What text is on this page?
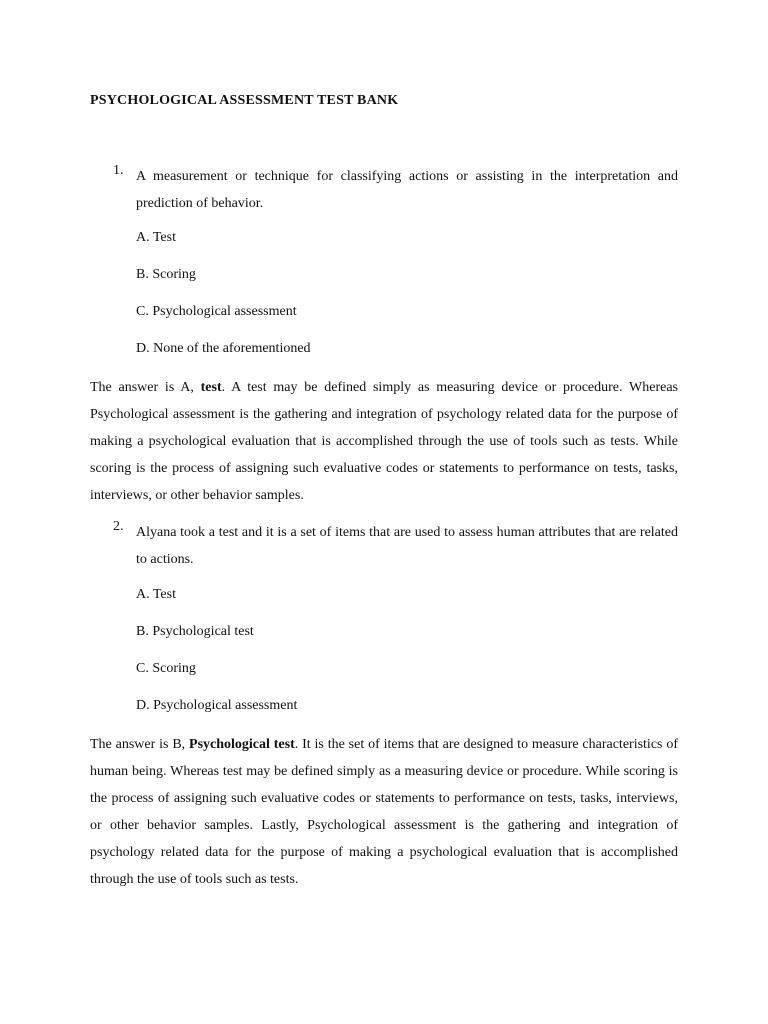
PSYCHOLOGICAL ASSESSMENT TEST BANK
1. A measurement or technique for classifying actions or assisting in the interpretation and prediction of behavior.
A. Test
B. Scoring
C. Psychological assessment
D. None of the aforementioned

The answer is A, test. A test may be defined simply as measuring device or procedure. Whereas Psychological assessment is the gathering and integration of psychology related data for the purpose of making a psychological evaluation that is accomplished through the use of tools such as tests. While scoring is the process of assigning such evaluative codes or statements to performance on tests, tasks, interviews, or other behavior samples.

2. Alyana took a test and it is a set of items that are used to assess human attributes that are related to actions.
A. Test
B. Psychological test
C. Scoring
D. Psychological assessment

The answer is B, Psychological test. It is the set of items that are designed to measure characteristics of human being. Whereas test may be defined simply as a measuring device or procedure. While scoring is the process of assigning such evaluative codes or statements to performance on tests, tasks, interviews, or other behavior samples. Lastly, Psychological assessment is the gathering and integration of psychology related data for the purpose of making a psychological evaluation that is accomplished through the use of tools such as tests.
